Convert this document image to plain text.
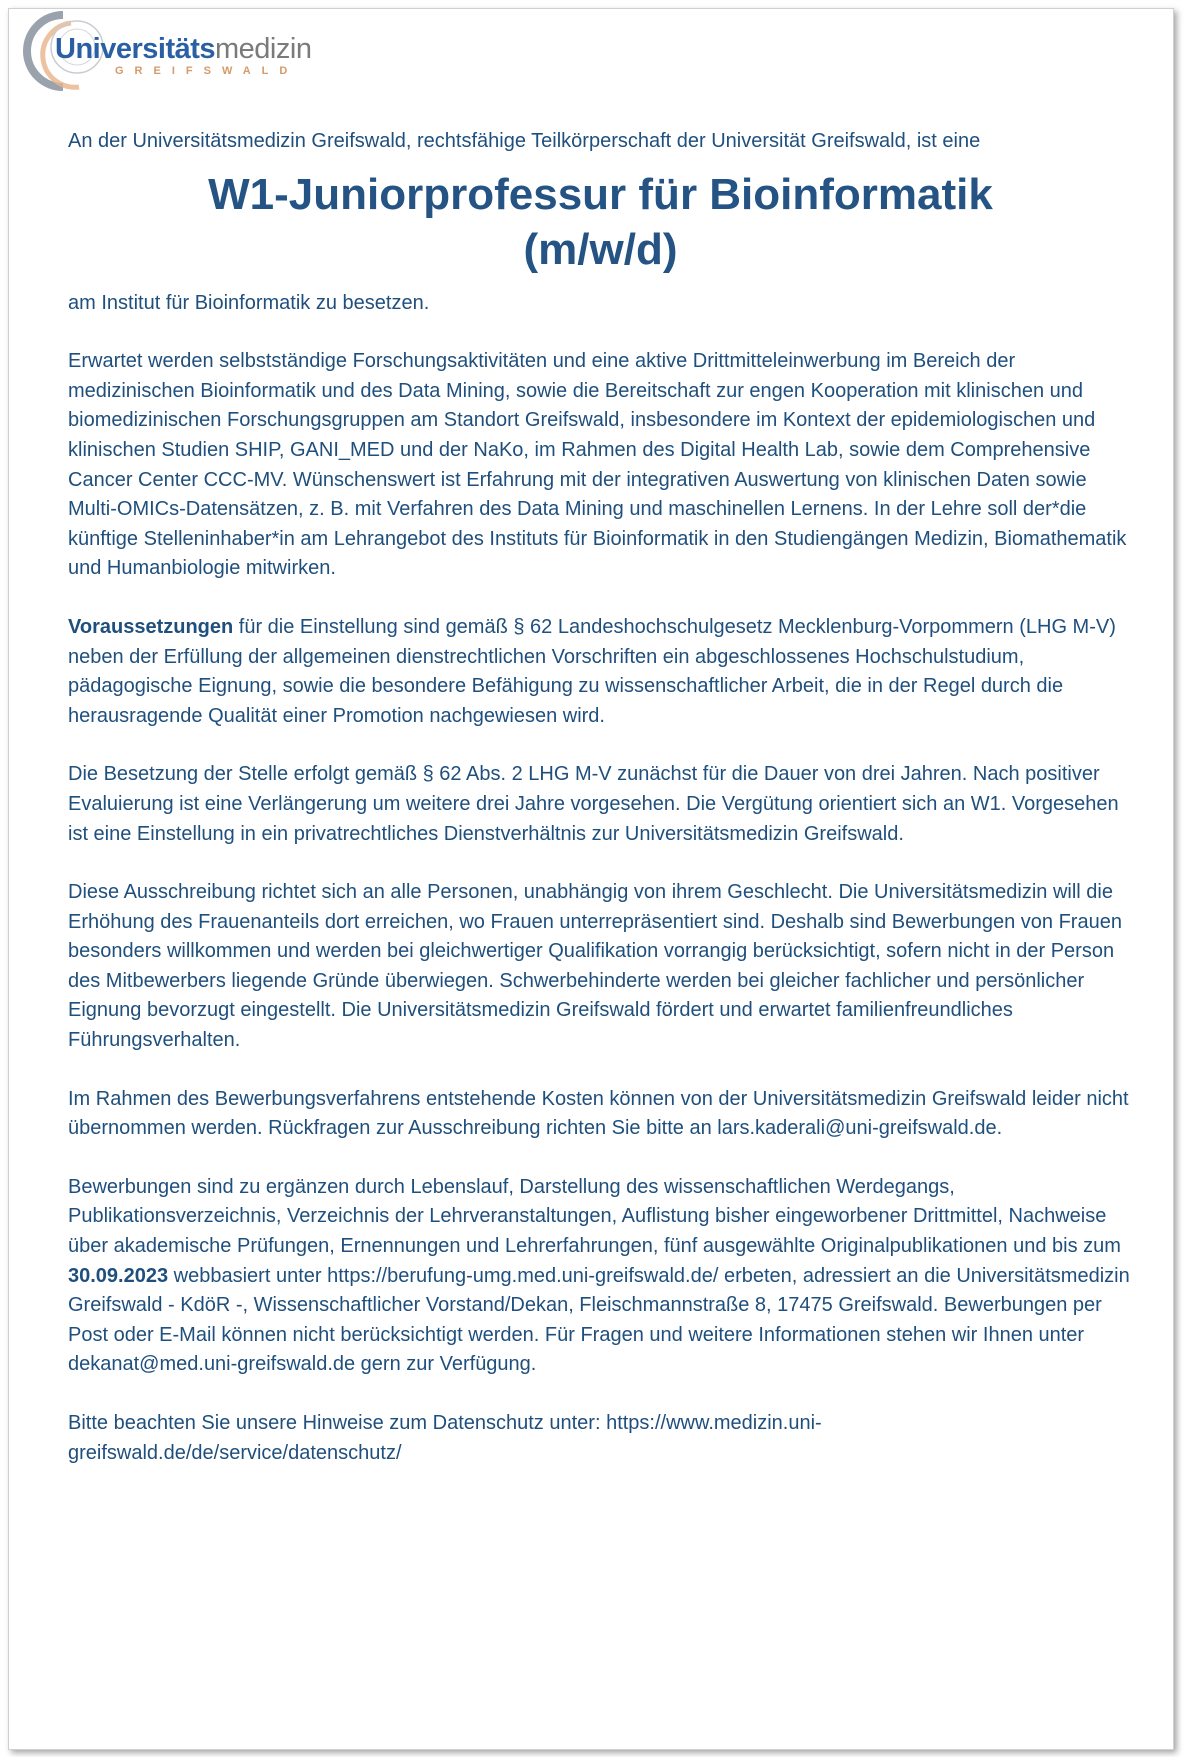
Universitätsmedizin
GREIFSWALD

An der Universitätsmedizin Greifswald, rechtsfähige Teilkörperschaft der Universität Greifswald, ist eine

W1-Juniorprofessur für Bioinformatik
(m/w/d)

am Institut für Bioinformatik zu besetzen.

Erwartet werden selbstständige Forschungsaktivitäten und eine aktive Drittmitteleinwerbung im Bereich der medizinischen Bioinformatik und des Data Mining, sowie die Bereitschaft zur engen Kooperation mit klinischen und biomedizinischen Forschungsgruppen am Standort Greifswald, insbesondere im Kontext der epidemiologischen und klinischen Studien SHIP, GANI_MED und der NaKo, im Rahmen des Digital Health Lab, sowie dem Comprehensive Cancer Center CCC-MV. Wünschenswert ist Erfahrung mit der integrativen Auswertung von klinischen Daten sowie Multi-OMICs-Datensätzen, z. B. mit Verfahren des Data Mining und maschinellen Lernens. In der Lehre soll der*die künftige Stelleninhaber*in am Lehrangebot des Instituts für Bioinformatik in den Studiengängen Medizin, Biomathematik und Humanbiologie mitwirken.

Voraussetzungen für die Einstellung sind gemäß § 62 Landeshochschulgesetz Mecklenburg-Vorpommern (LHG M-V) neben der Erfüllung der allgemeinen dienstrechtlichen Vorschriften ein abgeschlossenes Hochschulstudium, pädagogische Eignung, sowie die besondere Befähigung zu wissenschaftlicher Arbeit, die in der Regel durch die herausragende Qualität einer Promotion nachgewiesen wird.

Die Besetzung der Stelle erfolgt gemäß § 62 Abs. 2 LHG M-V zunächst für die Dauer von drei Jahren. Nach positiver Evaluierung ist eine Verlängerung um weitere drei Jahre vorgesehen. Die Vergütung orientiert sich an W1. Vorgesehen ist eine Einstellung in ein privatrechtliches Dienstverhältnis zur Universitätsmedizin Greifswald.

Diese Ausschreibung richtet sich an alle Personen, unabhängig von ihrem Geschlecht. Die Universitätsmedizin will die Erhöhung des Frauenanteils dort erreichen, wo Frauen unterrepräsentiert sind. Deshalb sind Bewerbungen von Frauen besonders willkommen und werden bei gleichwertiger Qualifikation vorrangig berücksichtigt, sofern nicht in der Person des Mitbewerbers liegende Gründe überwiegen. Schwerbehinderte werden bei gleicher fachlicher und persönlicher Eignung bevorzugt eingestellt. Die Universitätsmedizin Greifswald fördert und erwartet familienfreundliches Führungsverhalten.

Im Rahmen des Bewerbungsverfahrens entstehende Kosten können von der Universitätsmedizin Greifswald leider nicht übernommen werden. Rückfragen zur Ausschreibung richten Sie bitte an lars.kaderali@uni-greifswald.de.

Bewerbungen sind zu ergänzen durch Lebenslauf, Darstellung des wissenschaftlichen Werdegangs, Publikationsverzeichnis, Verzeichnis der Lehrveranstaltungen, Auflistung bisher eingeworbener Drittmittel, Nachweise über akademische Prüfungen, Ernennungen und Lehrerfahrungen, fünf ausgewählte Originalpublikationen und bis zum 30.09.2023 webbasiert unter https://berufung-umg.med.uni-greifswald.de/ erbeten, adressiert an die Universitätsmedizin Greifswald - KdöR -, Wissenschaftlicher Vorstand/Dekan, Fleischmannstraße 8, 17475 Greifswald. Bewerbungen per Post oder E-Mail können nicht berücksichtigt werden. Für Fragen und weitere Informationen stehen wir Ihnen unter dekanat@med.uni-greifswald.de gern zur Verfügung.

Bitte beachten Sie unsere Hinweise zum Datenschutz unter: https://www.medizin.uni-greifswald.de/de/service/datenschutz/
